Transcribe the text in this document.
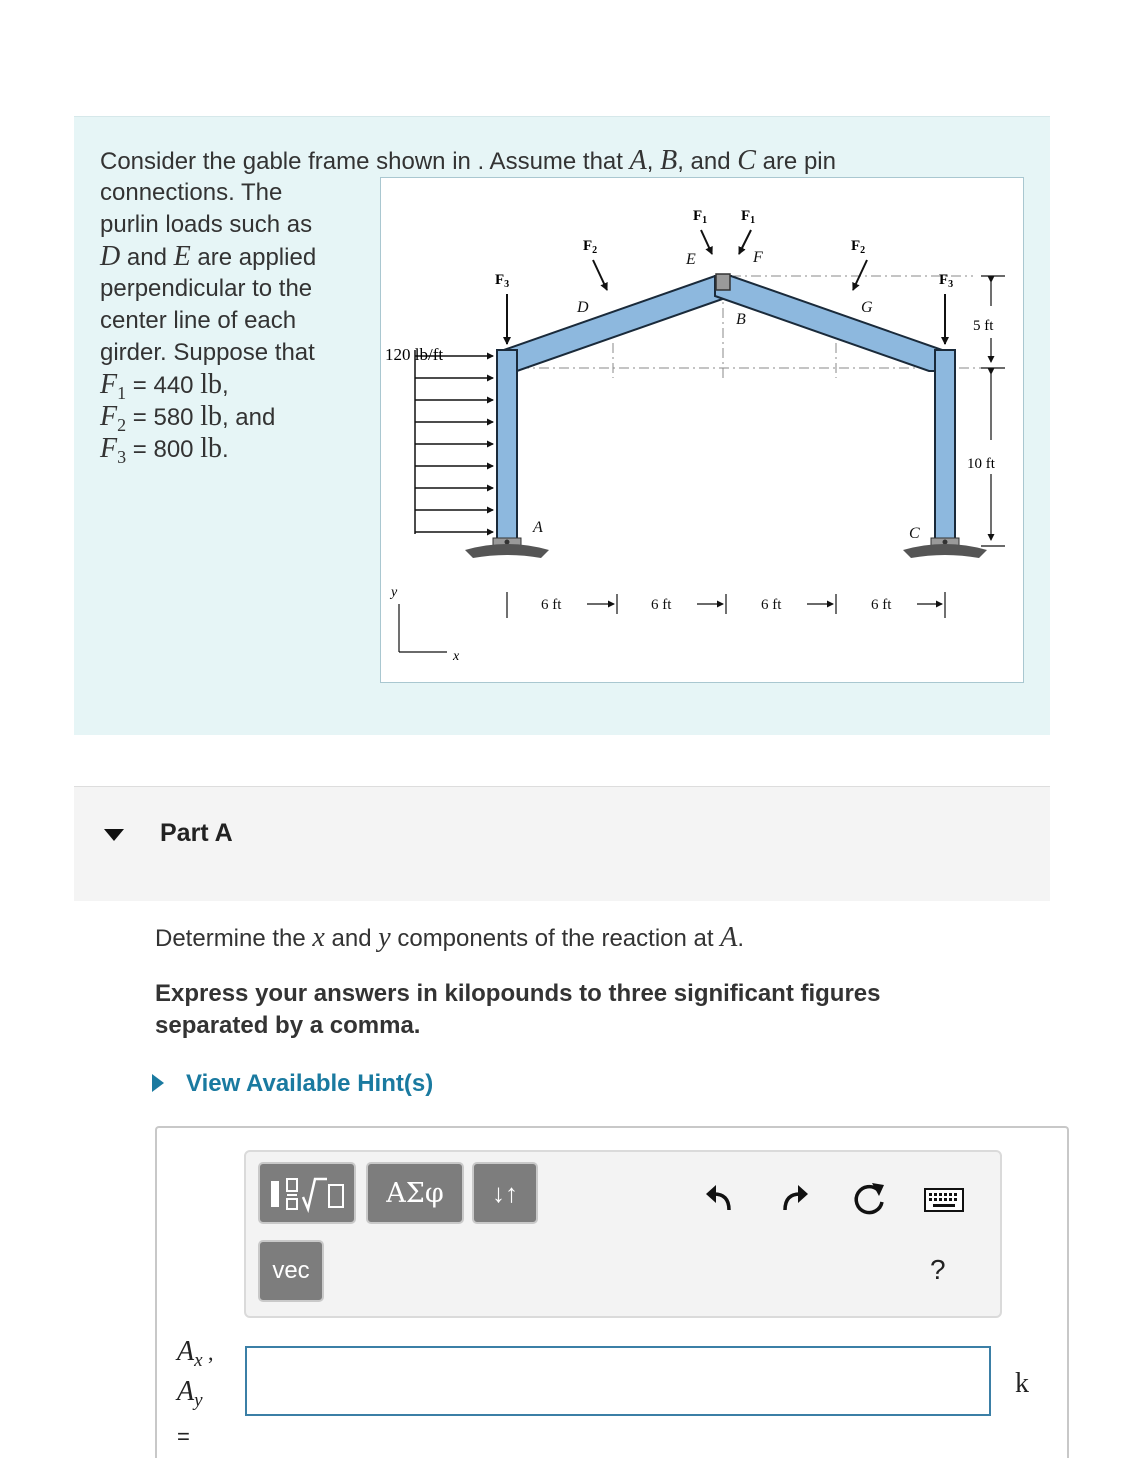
Consider the gable frame shown in . Assume that A, B, and C are pin
connections. The
purlin loads such as
D and E are applied
perpendicular to the
center line of each
girder. Suppose that
$F_1 = 440$ lb,
$F_2 = 580$ lb, and
$F_3 = 800$ lb.
120 lb/ft
$F_3$	$F_3$
$F_2$	$F_2$
$F_1$ $F_1$
A
B
C
D
E	F
G
5 ft
10 ft
6 ft	6 ft	6 ft	6 ft
y
x
Part A
Determine the x and y components of the reaction at A.
Express your answers in kilopounds to three significant figures separated by a comma.
View Available Hint(s)
ΑΣφ	↓↑
vec	?
$A_x$ ,
$A_y$
=
k
